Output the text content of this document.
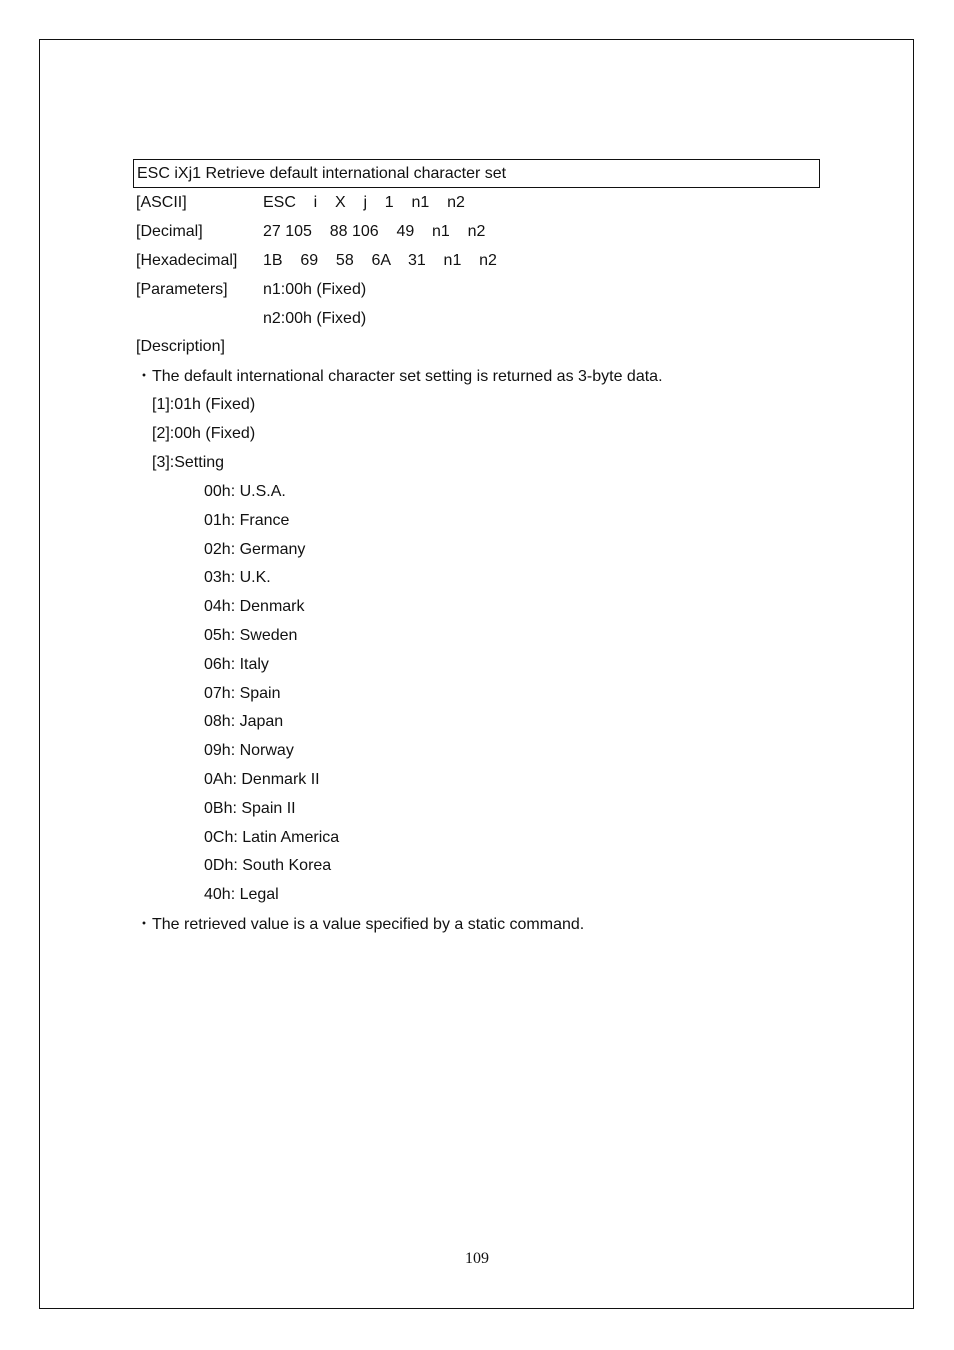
ESC iXj1 Retrieve default international character set
[ASCII]	ESC    i    X    j    1    n1    n2
[Decimal]	27 105    88 106    49    n1    n2
[Hexadecimal] 1B    69    58    6A    31    n1    n2
[Parameters] n1:00h (Fixed)
n2:00h (Fixed)
[Description]
・The default international character set setting is returned as 3-byte data.
[1]:01h (Fixed)
[2]:00h (Fixed)
[3]:Setting
00h: U.S.A.
01h: France
02h: Germany
03h: U.K.
04h: Denmark
05h: Sweden
06h: Italy
07h: Spain
08h: Japan
09h: Norway
0Ah: Denmark II
0Bh: Spain II
0Ch: Latin America
0Dh: South Korea
40h: Legal
・The retrieved value is a value specified by a static command.
109
